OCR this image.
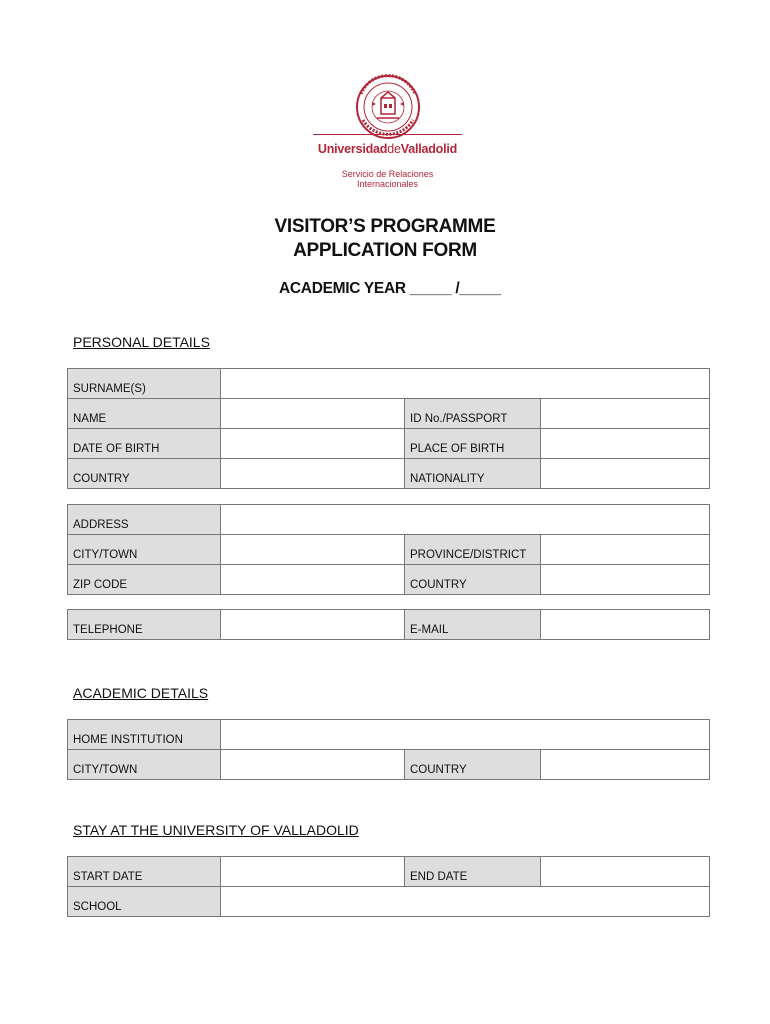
UniversidaddeValladolid
Servicio de Relaciones
Internacionales
VISITOR’S PROGRAMME
APPLICATION FORM
ACADEMIC YEAR _____ /_____
PERSONAL DETAILS
SURNAME(S)			
NAME		ID No./PASSPORT	
DATE OF BIRTH		PLACE OF BIRTH	
COUNTRY		NATIONALITY	
ADDRESS			
CITY/TOWN		PROVINCE/DISTRICT	
ZIP CODE		COUNTRY	
TELEPHONE		E-MAIL	
ACADEMIC DETAILS
HOME INSTITUTION			
CITY/TOWN		COUNTRY	
STAY AT THE UNIVERSITY OF VALLADOLID
START DATE		END DATE	
SCHOOL			
